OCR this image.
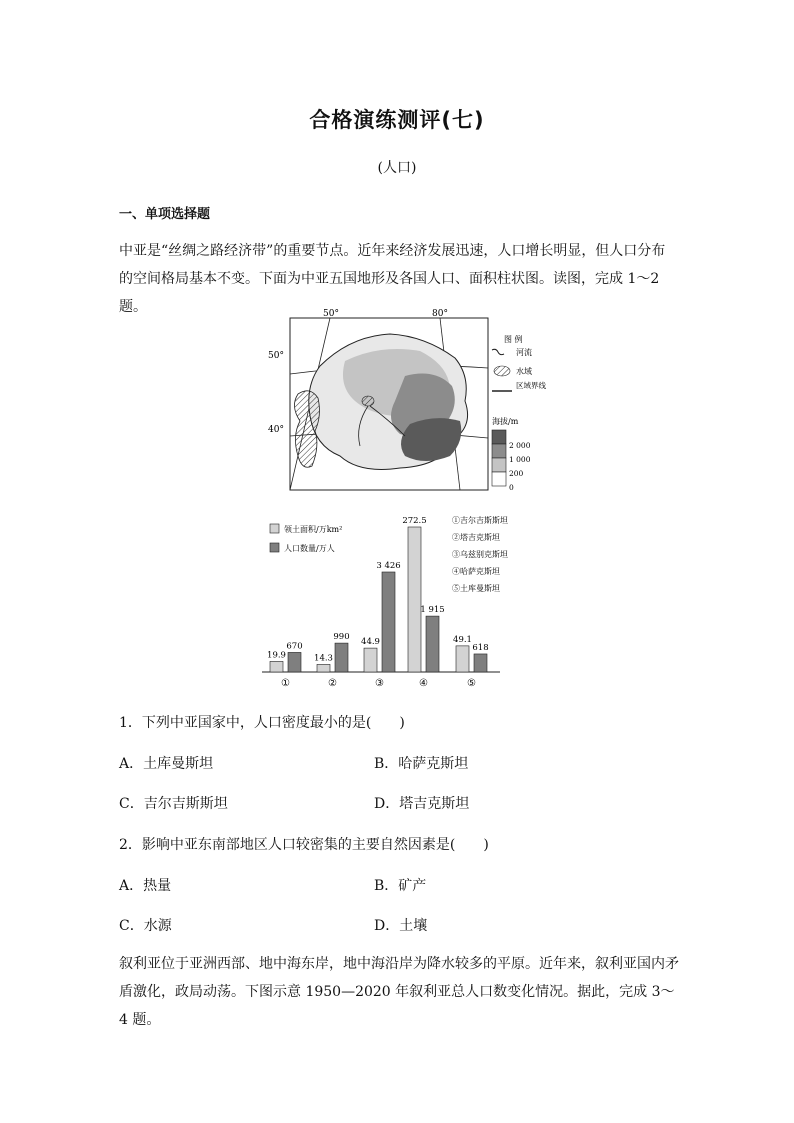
合格演练测评(七)
(人口)
一、单项选择题

中亚是“丝绸之路经济带”的重要节点。近年来经济发展迅速，人口增长明显，但人口分布

的空间格局基本不变。下面为中亚五国地形及各国人口、面积柱状图。读图，完成 1～2 题。	50°	80°
50°
40°
图 例
河流
水域
区域界线
海拔/m
2 000
1 000
200
0
领土面积/万km²
人口数量/万人
①吉尔吉斯斯坦
②塔吉克斯坦
③乌兹别克斯坦
④哈萨克斯坦
⑤土库曼斯坦
19.9
670
①
14.3
990
②
44.9
3 426
③
272.5
1 915
④
49.1
618
⑤
1．下列中亚国家中，人口密度最小的是(　　)
A．土库曼斯坦	B．哈萨克斯坦
C．吉尔吉斯斯坦	D．塔吉克斯坦
2．影响中亚东南部地区人口较密集的主要自然因素是(　　)
A．热量	B．矿产
C．水源	D．土壤

叙利亚位于亚洲西部、地中海东岸，地中海沿岸为降水较多的平原。近年来，叙利亚国内矛

盾激化，政局动荡。下图示意 1950—2020 年叙利亚总人口数变化情况。据此，完成 3～4 题。
